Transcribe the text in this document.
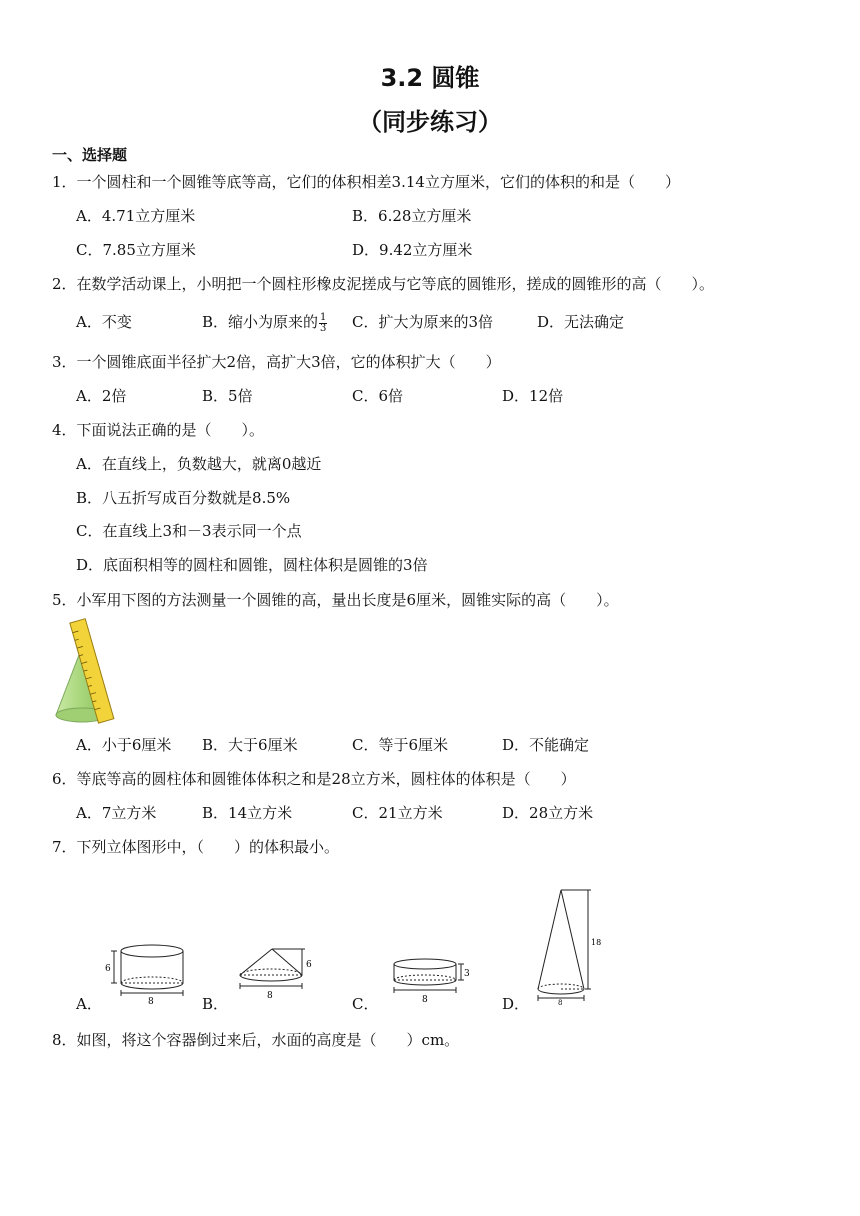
3.2 圆锥
（同步练习）
一、选择题
1．一个圆柱和一个圆锥等底等高，它们的体积相差3.14立方厘米，它们的体积的和是（　　）
A．4.71立方厘米	B．6.28立方厘米
C．7.85立方厘米	D．9.42立方厘米
2．在数学活动课上，小明把一个圆柱形橡皮泥搓成与它等底的圆锥形，搓成的圆锥形的高（　　）。
A．不变	B．缩小为原来的 $\frac{1}{3}$ C．扩大为原来的3倍	D．无法确定
3．一个圆锥底面半径扩大2倍，高扩大3倍，它的体积扩大（　　）
A．2倍	B．5倍	C．6倍	D．12倍
4．下面说法正确的是（　　）。
A．在直线上，负数越大，就离0越近
B．八五折写成百分数就是8.5%
C．在直线上3和－3表示同一个点
D．底面积相等的圆柱和圆锥，圆柱体积是圆锥的3倍
5．小军用下图的方法测量一个圆锥的高，量出长度是6厘米，圆锥实际的高（　　）。
A．小于6厘米 B．大于6厘米	C．等于6厘米	D．不能确定
6．等底等高的圆柱体和圆锥体体积之和是28立方米，圆柱体的体积是（　　）
A．7立方米	B．14立方米	C．21立方米	D．28立方米
7．下列立体图形中，（　　）的体积最小。
6
8
6
8
3
8
18
8
A．	B．	C．	D．
8．如图，将这个容器倒过来后，水面的高度是（　　）cm。
